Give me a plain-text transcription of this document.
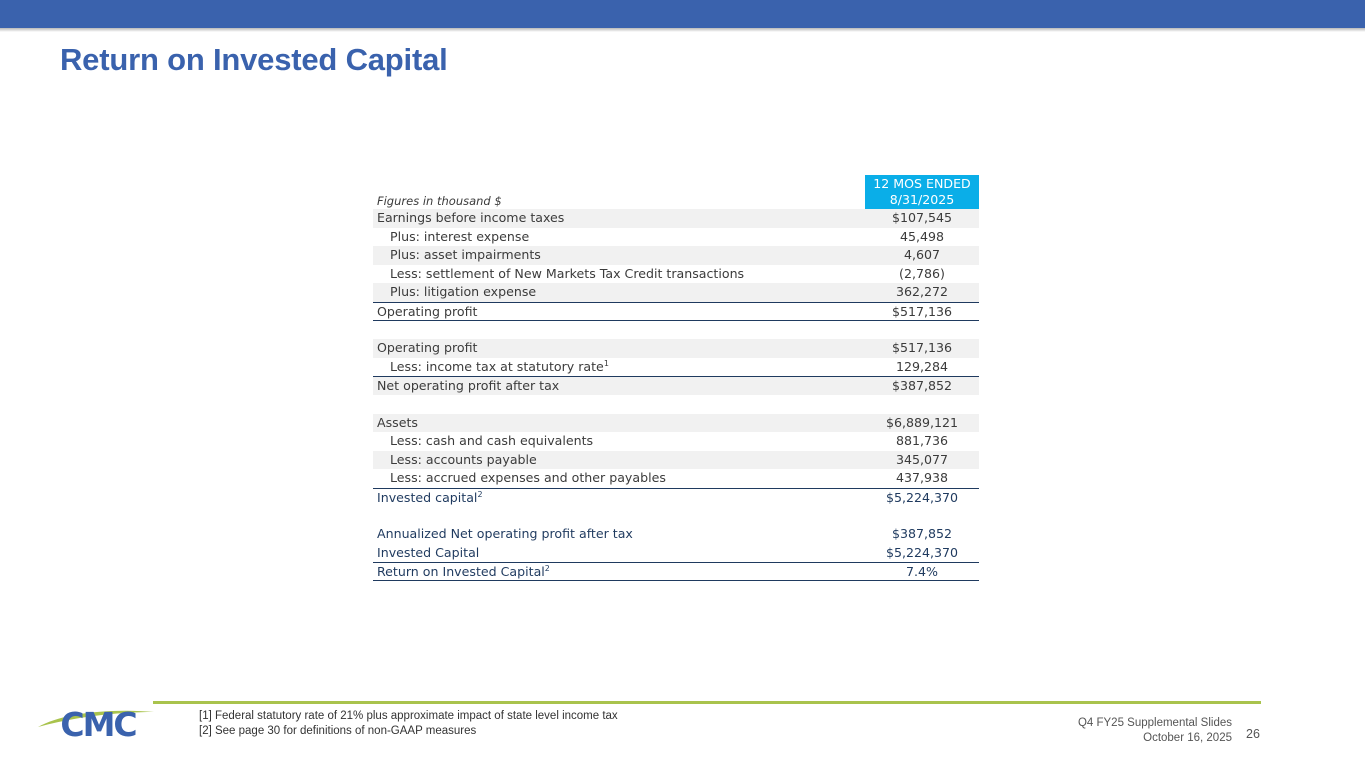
Return on Invested Capital
Figures in thousand $
12 MOS ENDED
8/31/2025
Earnings before income taxes	$107,545
Plus: interest expense	45,498
Plus: asset impairments	4,607
Less: settlement of New Markets Tax Credit transactions	(2,786)
Plus: litigation expense	362,272
Operating profit	$517,136
Operating profit	$517,136
Less: income tax at statutory rate$^1$	129,284
Net operating profit after tax	$387,852
Assets	$6,889,121
Less: cash and cash equivalents	881,736
Less: accounts payable	345,077
Less: accrued expenses and other payables	437,938
Invested capital$^2$	$5,224,370
Annualized Net operating profit after tax	$387,852
Invested Capital	$5,224,370
Return on Invested Capital$^2$	7.4%
CMC	[1] Federal statutory rate of 21% plus approximate impact of state level income tax
[2] See page 30 for definitions of non-GAAP measures
Q4 FY25 Supplemental Slides
October 16, 2025 26
